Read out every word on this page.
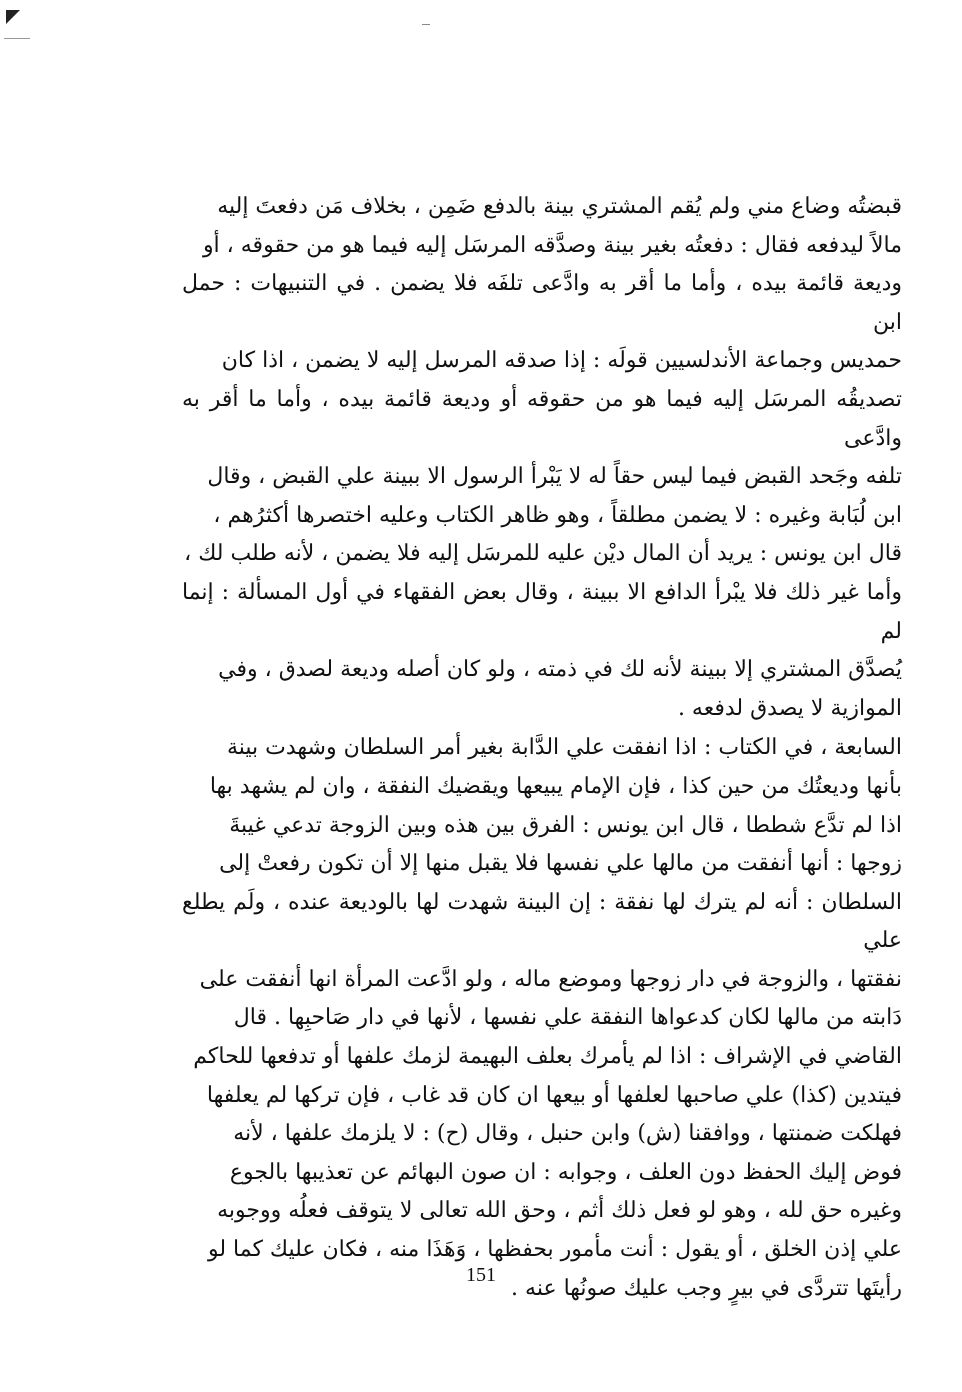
قبضتُه وضاع مني ولم يُقم المشتري بينة بالدفع ضَمِن ، بخلاف مَن دفعتَ إليه
مالاً ليدفعه فقال : دفعتُه بغير بينة وصدَّقه المرسَل إليه فيما هو من حقوقه ، أو
وديعة قائمة بيده ، وأما ما أقر به وادَّعى تلفَه فلا يضمن . في التنبيهات : حمل ابن
حمديس وجماعة الأندلسيين قولَه : إذا صدقه المرسل إليه لا يضمن ، اذا كان
تصديقُه المرسَل إليه فيما هو من حقوقه أو وديعة قائمة بيده ، وأما ما أقر به وادَّعى
تلفه وجَحد القبض فيما ليس حقاً له لا يَبْرأ الرسول الا ببينة علي القبض ، وقال
ابن لُبَابة وغيره : لا يضمن مطلقاً ، وهو ظاهر الكتاب وعليه اختصرها أكثرُهم ،
قال ابن يونس : يريد أن المال ديْن عليه للمرسَل إليه فلا يضمن ، لأنه طلب لك ،
وأما غير ذلك فلا يبْرأ الدافع الا ببينة ، وقال بعض الفقهاء في أول المسألة : إنما لم
يُصدَّق المشتري إلا ببينة لأنه لك في ذمته ، ولو كان أصله وديعة لصدق ، وفي
الموازية لا يصدق لدفعه .

السابعة ، في الكتاب : اذا انفقت علي الدَّابة بغير أمر السلطان وشهدت بينة
بأنها وديعتُك من حين كذا ، فإن الإمام يبيعها ويقضيك النفقة ، وان لم يشهد بها
اذا لم تدَّع شططا ، قال ابن يونس : الفرق بين هذه وبين الزوجة تدعي غيبةَ
زوجها : أنها أنفقت من مالها علي نفسها فلا يقبل منها إلا أن تكون رفعتْ إلى
السلطان : أنه لم يترك لها نفقة : إن البينة شهدت لها بالوديعة عنده ، ولَم يطلع علي
نفقتها ، والزوجة في دار زوجها وموضع ماله ، ولو ادَّعت المرأة انها أنفقت على
دَابته من مالها لكان كدعواها النفقة علي نفسها ، لأنها في دار صَاحبِها . قال
القاضي في الإشراف : اذا لم يأمرك بعلف البهيمة لزمك علفها أو تدفعها للحاكم
فيتدين (كذا) علي صاحبها لعلفها أو بيعها ان كان قد غاب ، فإن تركها لم يعلفها
فهلكت ضمنتها ، ووافقنا (ش) وابن حنبل ، وقال (ح) : لا يلزمك علفها ، لأنه
فوض إليك الحفظ دون العلف ، وجوابه : ان صون البهائم عن تعذيبها بالجوع
وغيره حق لله ، وهو لو فعل ذلك أثم ، وحق الله تعالى لا يتوقف فعلُه ووجوبه
علي إذن الخلق ، أو يقول : أنت مأمور بحفظها ، وَهَذَا منه ، فكان عليك كما لو
رأيتَها تتردَّى في بيرٍ وجب عليك صونُها عنه .

151
